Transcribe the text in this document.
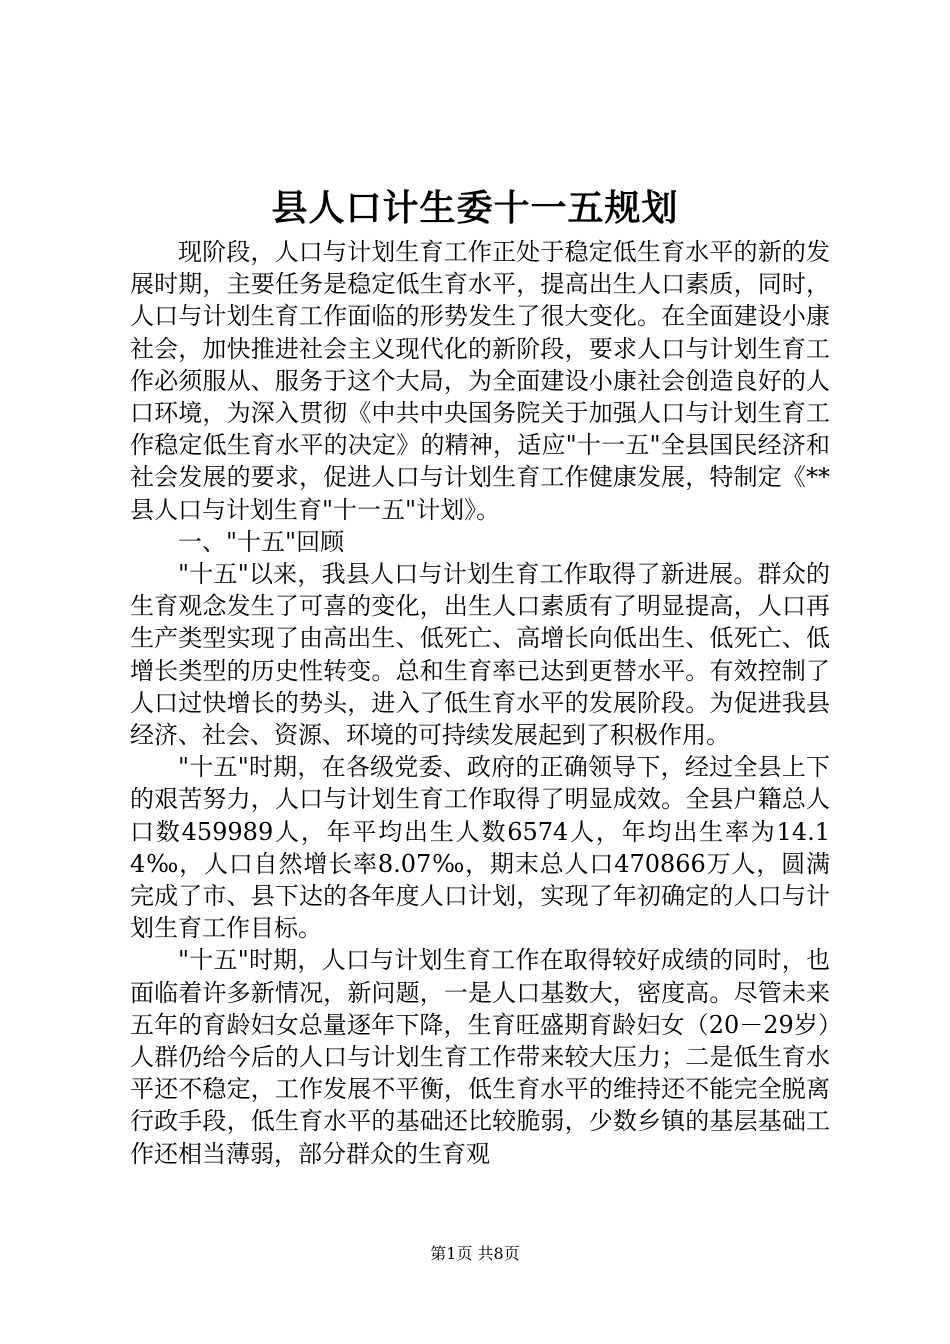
县人口计生委十一五规划

现阶段，人口与计划生育工作正处于稳定低生育水平的新的发展时期，主要任务是稳定低生育水平，提高出生人口素质，同时，人口与计划生育工作面临的形势发生了很大变化。在全面建设小康社会，加快推进社会主义现代化的新阶段，要求人口与计划生育工作必须服从、服务于这个大局，为全面建设小康社会创造良好的人口环境，为深入贯彻《中共中央国务院关于加强人口与计划生育工作稳定低生育水平的决定》的精神，适应"十一五"全县国民经济和社会发展的要求，促进人口与计划生育工作健康发展，特制定《**县人口与计划生育"十一五"计划》。

一、"十五"回顾

"十五"以来，我县人口与计划生育工作取得了新进展。群众的生育观念发生了可喜的变化，出生人口素质有了明显提高，人口再生产类型实现了由高出生、低死亡、高增长向低出生、低死亡、低增长类型的历史性转变。总和生育率已达到更替水平。有效控制了人口过快增长的势头，进入了低生育水平的发展阶段。为促进我县经济、社会、资源、环境的可持续发展起到了积极作用。

"十五"时期，在各级党委、政府的正确领导下，经过全县上下的艰苦努力，人口与计划生育工作取得了明显成效。全县户籍总人口数459989人，年平均出生人数6574人，年均出生率为14.14‰，人口自然增长率8.07‰，期末总人口470866万人，圆满完成了市、县下达的各年度人口计划，实现了年初确定的人口与计划生育工作目标。

"十五"时期，人口与计划生育工作在取得较好成绩的同时，也面临着许多新情况，新问题，一是人口基数大，密度高。尽管未来五年的育龄妇女总量逐年下降，生育旺盛期育龄妇女（20－29岁）人群仍给今后的人口与计划生育工作带来较大压力；二是低生育水平还不稳定，工作发展不平衡，低生育水平的维持还不能完全脱离行政手段，低生育水平的基础还比较脆弱，少数乡镇的基层基础工作还相当薄弱，部分群众的生育观

第1页 共8页
